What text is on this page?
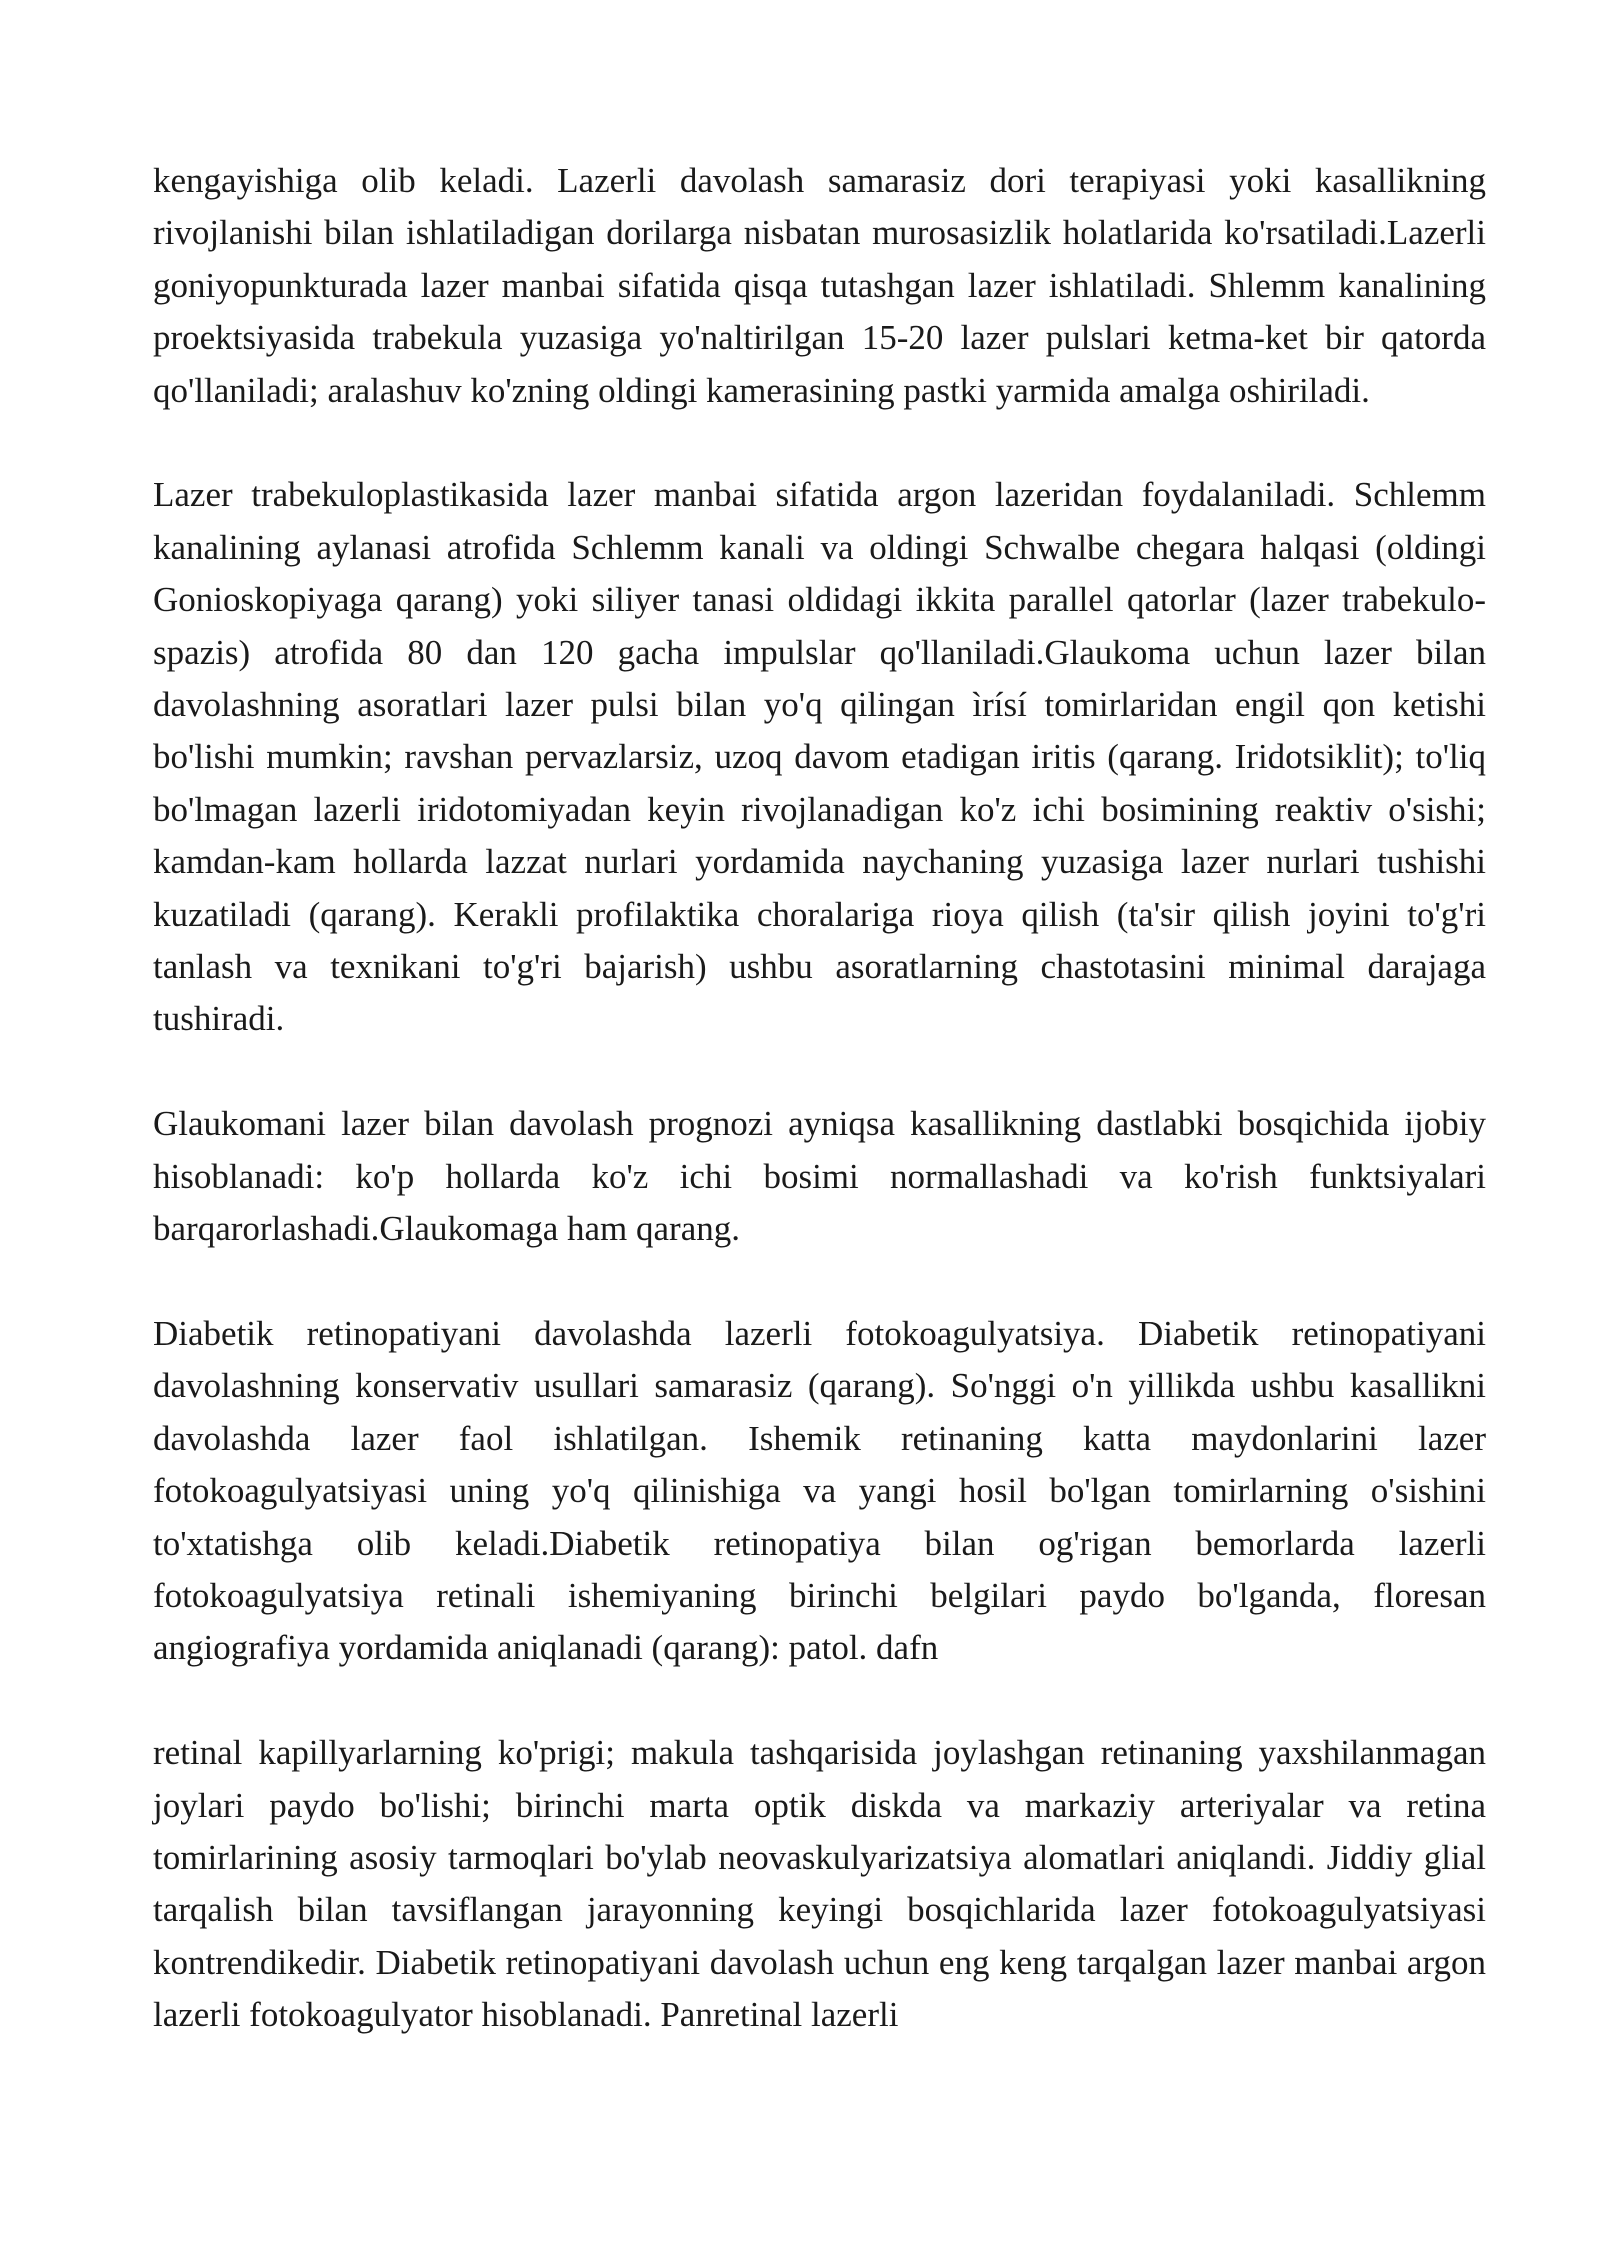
kengayishiga olib keladi. Lazerli davolash samarasiz dori terapiyasi yoki kasallikning rivojlanishi bilan ishlatiladigan dorilarga nisbatan murosasizlik holatlarida ko'rsatiladi.Lazerli goniyopunkturada lazer manbai sifatida qisqa tutashgan lazer ishlatiladi. Shlemm kanalining proektsiyasida trabekula yuzasiga yo'naltirilgan 15-20 lazer pulslari ketma-ket bir qatorda qo'llaniladi; aralashuv ko'zning oldingi kamerasining pastki yarmida amalga oshiriladi.

Lazer trabekuloplastikasida lazer manbai sifatida argon lazeridan foydalaniladi. Schlemm kanalining aylanasi atrofida Schlemm kanali va oldingi Schwalbe chegara halqasi (oldingi Gonioskopiyaga qarang) yoki siliyer tanasi oldidagi ikkita parallel qatorlar (lazer trabekulo-spazis) atrofida 80 dan 120 gacha impulslar qo'llaniladi.Glaukoma uchun lazer bilan davolashning asoratlari lazer pulsi bilan yo'q qilingan ìrísí tomirlaridan engil qon ketishi bo'lishi mumkin; ravshan pervazlarsiz, uzoq davom etadigan iritis (qarang. Iridotsiklit); to'liq bo'lmagan lazerli iridotomiyadan keyin rivojlanadigan ko'z ichi bosimining reaktiv o'sishi; kamdan-kam hollarda lazzat nurlari yordamida naychaning yuzasiga lazer nurlari tushishi kuzatiladi (qarang). Kerakli profilaktika choralariga rioya qilish (ta'sir qilish joyini to'g'ri tanlash va texnikani to'g'ri bajarish) ushbu asoratlarning chastotasini minimal darajaga tushiradi.

Glaukomani lazer bilan davolash prognozi ayniqsa kasallikning dastlabki bosqichida ijobiy hisoblanadi: ko'p hollarda ko'z ichi bosimi normallashadi va ko'rish funktsiyalari barqarorlashadi.Glaukomaga ham qarang.

Diabetik retinopatiyani davolashda lazerli fotokoagulyatsiya. Diabetik retinopatiyani davolashning konservativ usullari samarasiz (qarang). So'nggi o'n yillikda ushbu kasallikni davolashda lazer faol ishlatilgan. Ishemik retinaning katta maydonlarini lazer fotokoagulyatsiyasi uning yo'q qilinishiga va yangi hosil bo'lgan tomirlarning o'sishini to'xtatishga olib keladi.Diabetik retinopatiya bilan og'rigan bemorlarda lazerli fotokoagulyatsiya retinali ishemiyaning birinchi belgilari paydo bo'lganda, floresan angiografiya yordamida aniqlanadi (qarang): patol. dafn

retinal kapillyarlarning ko'prigi; makula tashqarisida joylashgan retinaning yaxshilanmagan joylari paydo bo'lishi; birinchi marta optik diskda va markaziy arteriyalar va retina tomirlarining asosiy tarmoqlari bo'ylab neovaskulyarizatsiya alomatlari aniqlandi. Jiddiy glial tarqalish bilan tavsiflangan jarayonning keyingi bosqichlarida lazer fotokoagulyatsiyasi kontrendikedir. Diabetik retinopatiyani davolash uchun eng keng tarqalgan lazer manbai argon lazerli fotokoagulyator hisoblanadi. Panretinal lazerli
